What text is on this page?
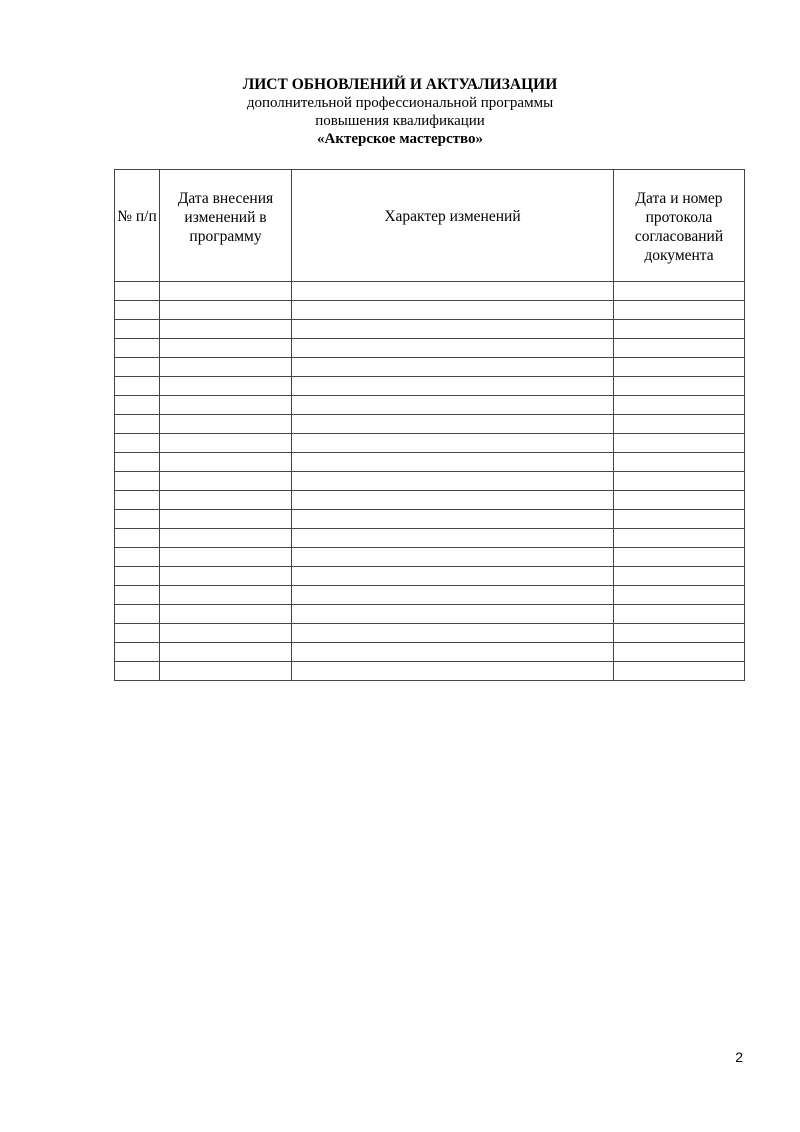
ЛИСТ ОБНОВЛЕНИЙ И АКТУАЛИЗАЦИИ
дополнительной профессиональной программы
повышения квалификации
«Актерское мастерство»
№ п/п	Дата внесения изменений в программу	Характер изменений	Дата и номер протокола согласований документа

2
